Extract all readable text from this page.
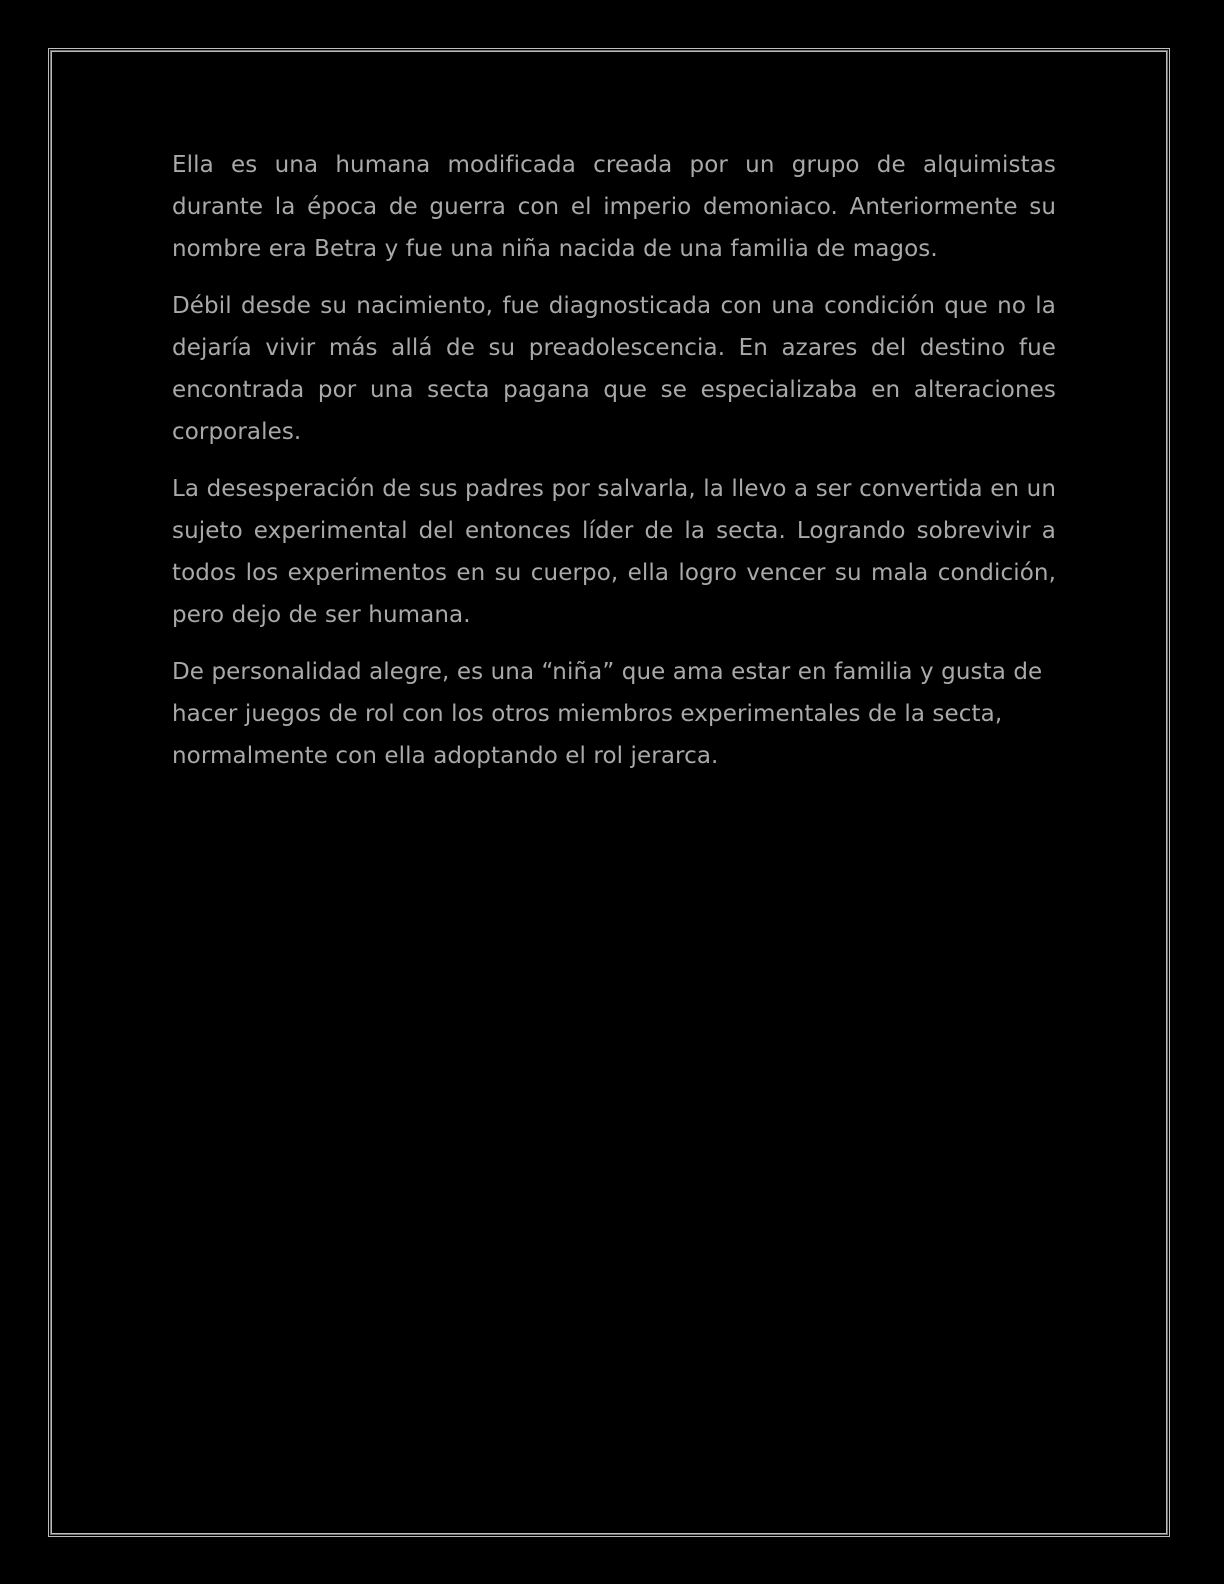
Ella es una humana modificada creada por un grupo de alquimistas durante la época de guerra con el imperio demoniaco. Anteriormente su nombre era Betra y fue una niña nacida de una familia de magos.

Débil desde su nacimiento, fue diagnosticada con una condición que no la dejaría vivir más allá de su preadolescencia. En azares del destino fue encontrada por una secta pagana que se especializaba en alteraciones corporales.

La desesperación de sus padres por salvarla, la llevo a ser convertida en un sujeto experimental del entonces líder de la secta. Logrando sobrevivir a todos los experimentos en su cuerpo, ella logro vencer su mala condición, pero dejo de ser humana.

De personalidad alegre, es una “niña” que ama estar en familia y gusta de hacer juegos de rol con los otros miembros experimentales de la secta, normalmente con ella adoptando el rol jerarca.
